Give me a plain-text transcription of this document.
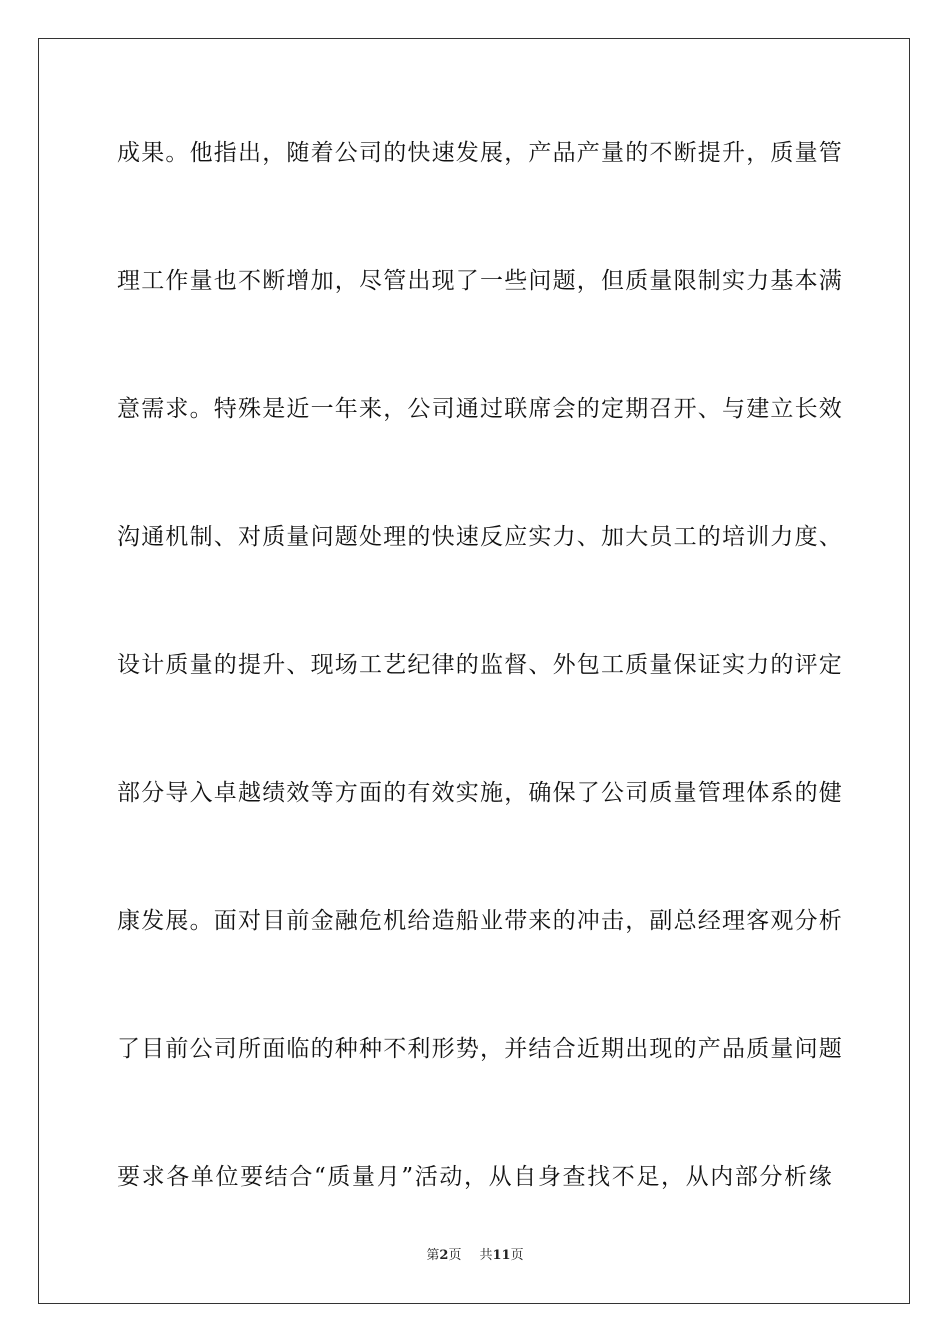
成果。他指出，随着公司的快速发展，产品产量的不断提升，质量管
理工作量也不断增加，尽管出现了一些问题，但质量限制实力基本满
意需求。特殊是近一年来，公司通过联席会的定期召开、与建立长效
沟通机制、对质量问题处理的快速反应实力、加大员工的培训力度、
设计质量的提升、现场工艺纪律的监督、外包工质量保证实力的评定
部分导入卓越绩效等方面的有效实施，确保了公司质量管理体系的健
康发展。面对目前金融危机给造船业带来的冲击，副总经理客观分析
了目前公司所面临的种种不利形势，并结合近期出现的产品质量问题
要求各单位要结合“质量月”活动，从自身查找不足，从内部分析缘
第2页 共11页
